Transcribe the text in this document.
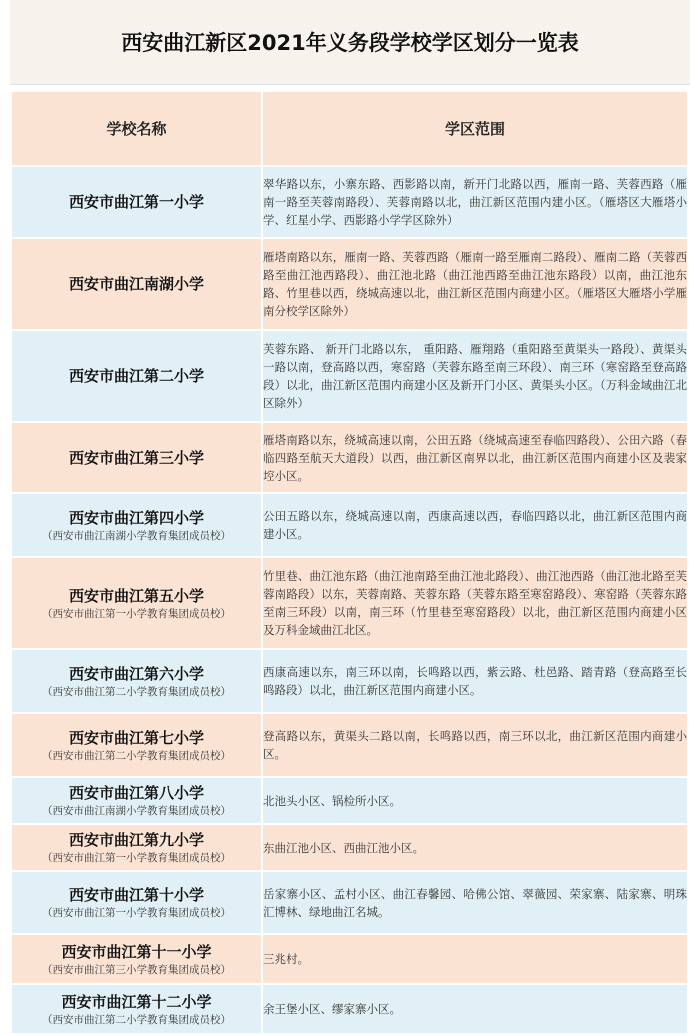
西安曲江新区2021年义务段学校学区划分一览表
学校名称	学区范围

西安市曲江第一小学	翠华路以东，小寨东路、西影路以南，新开门北路以西，雁南一路、芙蓉西路（雁南一路至芙蓉南路段）、芙蓉南路以北，曲江新区范围内建小区。（雁塔区大雁塔小学、红星小学、西影路小学学区除外）

西安市曲江南湖小学	雁塔南路以东，雁南一路、芙蓉西路（雁南一路至雁南二路段）、雁南二路（芙蓉西路至曲江池西路段）、曲江池北路（曲江池西路至曲江池东路段）以南，曲江池东路、竹里巷以西，绕城高速以北，曲江新区范围内商建小区。（雁塔区大雁塔小学雁南分校学区除外）

西安市曲江第二小学	芙蓉东路、 新开门北路以东， 重阳路、雁翔路（重阳路至黄渠头一路段）、黄渠头一路以南，登高路以西，寒窑路（芙蓉东路至南三环段）、南三环（寒窑路至登高路段）以北，曲江新区范围内商建小区及新开门小区、黄渠头小区。（万科金域曲江北区除外）

西安市曲江第三小学	雁塔南路以东，绕城高速以南，公田五路（绕城高速至春临四路段）、公田六路（春临四路至航天大道段）以西，曲江新区南界以北，曲江新区范围内商建小区及裴家埪小区。

西安市曲江第四小学
（西安市曲江南湖小学教育集团成员校）	公田五路以东，绕城高速以南，西康高速以西，春临四路以北，曲江新区范围内商建小区。

西安市曲江第五小学
（西安市曲江第一小学教育集团成员校）	竹里巷、曲江池东路（曲江池南路至曲江池北路段）、曲江池西路（曲江池北路至芙蓉南路段）以东，芙蓉南路、芙蓉东路（芙蓉东路至寒窑路段）、寒窑路（芙蓉东路至南三环段）以南，南三环（竹里巷至寒窑路段）以北，曲江新区范围内商建小区及万科金域曲江北区。

西安市曲江第六小学
（西安市曲江第二小学教育集团成员校）	西康高速以东，南三环以南，长鸣路以西，紫云路、杜邑路、踏青路（登高路至长鸣路段）以北，曲江新区范围内商建小区。

西安市曲江第七小学
（西安市曲江第二小学教育集团成员校）	登高路以东，黄渠头二路以南，长鸣路以西，南三环以北，曲江新区范围内商建小区。

西安市曲江第八小学
（西安市曲江南湖小学教育集团成员校）	北池头小区、锅检所小区。

西安市曲江第九小学
（西安市曲江第一小学教育集团成员校）	东曲江池小区、西曲江池小区。

西安市曲江第十小学
（西安市曲江第一小学教育集团成员校）	岳家寨小区、孟村小区、曲江春馨园、哈佛公馆、翠薇园、荣家寨、陆家寨、明珠汇博林、绿地曲江名城。

西安市曲江第十一小学
（西安市曲江第三小学教育集团成员校）	三兆村。

西安市曲江第十二小学
（西安市曲江第二小学教育集团成员校）	余王堡小区、缪家寨小区。
